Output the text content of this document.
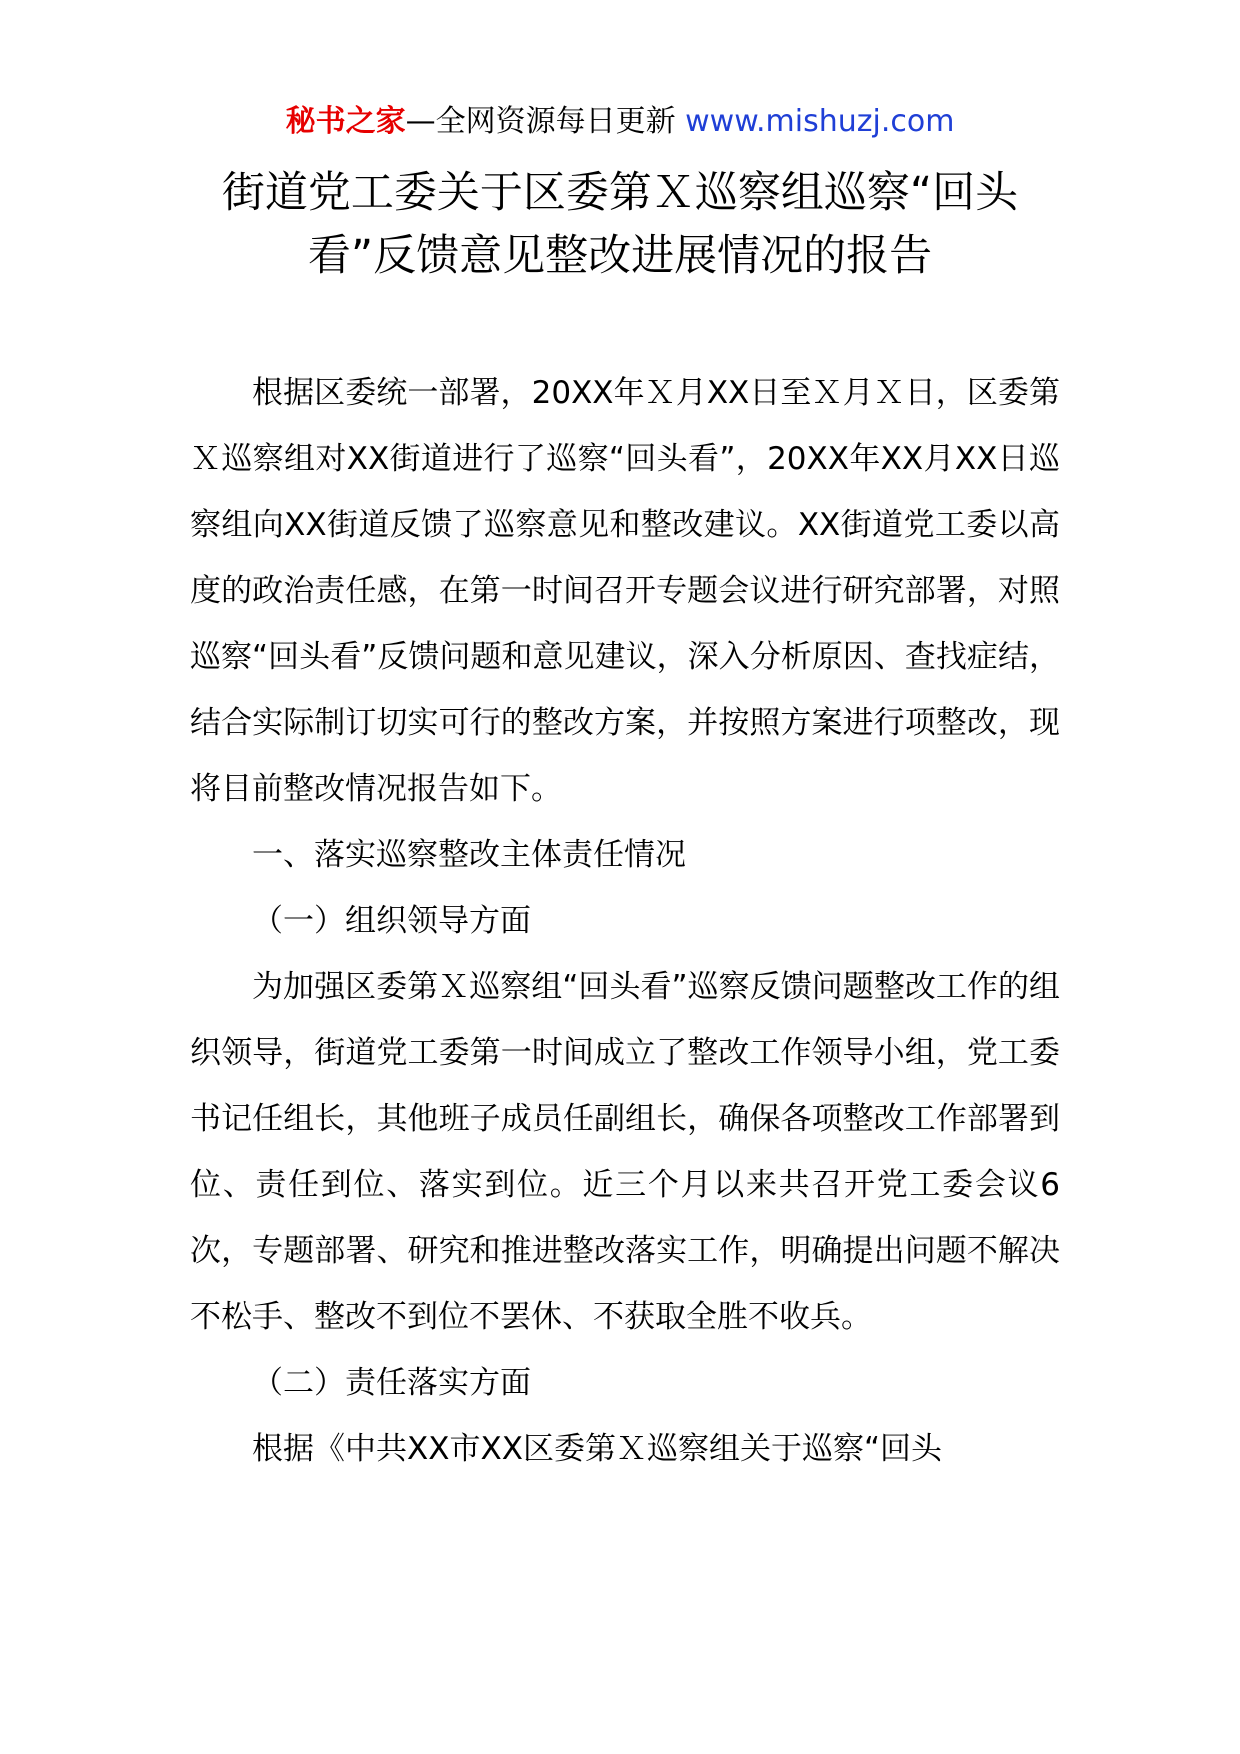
秘书之家—全网资源每日更新 www.mishuzj.com
街道党工委关于区委第Ｘ巡察组巡察“回头看”反馈意见整改进展情况的报告

根据区委统一部署，20XX年Ｘ月XX日至Ｘ月Ｘ日，区委第Ｘ巡察组对XX街道进行了巡察“回头看”，20XX年XX月XX日巡察组向XX街道反馈了巡察意见和整改建议。XX街道党工委以高度的政治责任感，在第一时间召开专题会议进行研究部署，对照巡察“回头看”反馈问题和意见建议，深入分析原因、查找症结，结合实际制订切实可行的整改方案，并按照方案进行项整改，现将目前整改情况报告如下。

一、落实巡察整改主体责任情况

（一）组织领导方面

为加强区委第Ｘ巡察组“回头看”巡察反馈问题整改工作的组织领导，街道党工委第一时间成立了整改工作领导小组，党工委书记任组长，其他班子成员任副组长，确保各项整改工作部署到位、责任到位、落实到位。近三个月以来共召开党工委会议6次，专题部署、研究和推进整改落实工作，明确提出问题不解决不松手、整改不到位不罢休、不获取全胜不收兵。

（二）责任落实方面

根据《中共XX市XX区委第Ｘ巡察组关于巡察“回头
